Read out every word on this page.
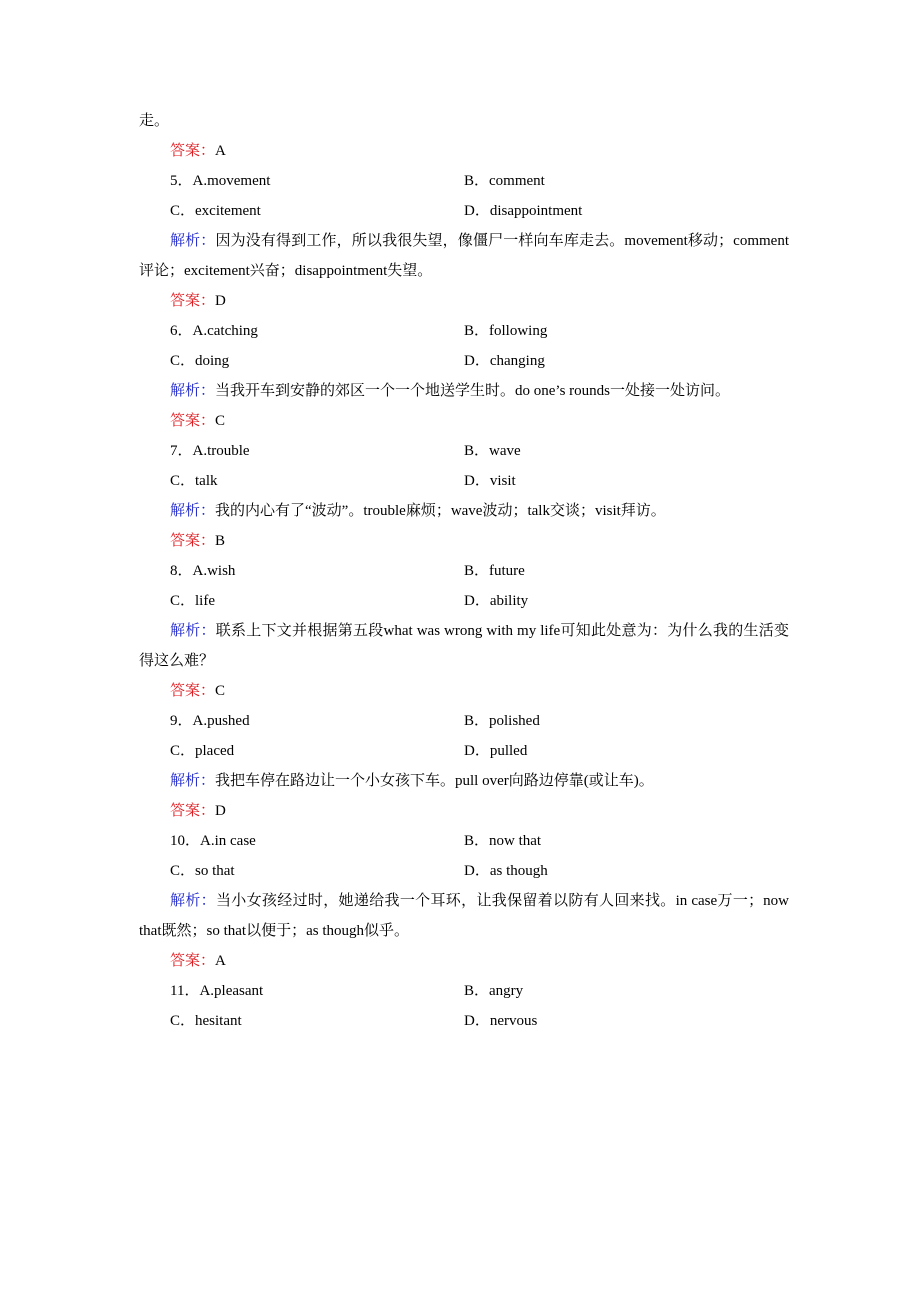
走。
答案：A
5．A.movement	B．comment
C．excitement	D．disappointment
解析：因为没有得到工作，所以我很失望，像僵尸一样向车库走去。movement移动；comment评论；excitement兴奋；disappointment失望。
答案：D
6．A.catching	B．following
C．doing	D．changing
解析：当我开车到安静的郊区一个一个地送学生时。do one’s rounds一处接一处访问。
答案：C
7．A.trouble	B．wave
C．talk	D．visit
解析：我的内心有了“波动”。trouble麻烦；wave波动；talk交谈；visit拜访。
答案：B
8．A.wish	B．future
C．life	D．ability
解析：联系上下文并根据第五段what was wrong with my life可知此处意为：为什么我的生活变得这么难？
答案：C
9．A.pushed	B．polished
C．placed	D．pulled
解析：我把车停在路边让一个小女孩下车。pull over向路边停靠(或让车)。
答案：D
10．A.in case	B．now that
C．so that	D．as though
解析：当小女孩经过时，她递给我一个耳环，让我保留着以防有人回来找。in case万一；now that既然；so that以便于；as though似乎。
答案：A
11．A.pleasant	B．angry
C．hesitant	D．nervous
